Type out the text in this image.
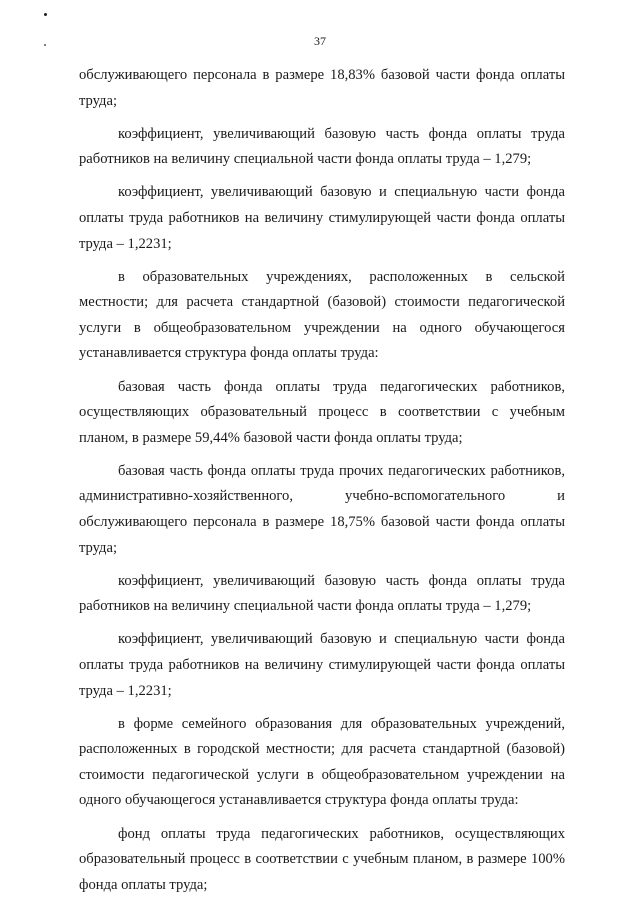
37

обслуживающего персонала в размере 18,83% базовой части фонда оплаты труда;

коэффициент, увеличивающий базовую часть фонда оплаты труда работников на величину специальной части фонда оплаты труда – 1,279;

коэффициент, увеличивающий базовую и специальную части фонда оплаты труда работников на величину стимулирующей части фонда оплаты труда – 1,2231;

в образовательных учреждениях, расположенных в сельской местности; для расчета стандартной (базовой) стоимости педагогической услуги в общеобразовательном учреждении на одного обучающегося устанавливается структура фонда оплаты труда:

базовая часть фонда оплаты труда педагогических работников, осуществляющих образовательный процесс в соответствии с учебным планом, в размере 59,44% базовой части фонда оплаты труда;

базовая часть фонда оплаты труда прочих педагогических работников, административно-хозяйственного, учебно-вспомогательного и обслуживающего персонала в размере 18,75% базовой части фонда оплаты труда;

коэффициент, увеличивающий базовую часть фонда оплаты труда работников на величину специальной части фонда оплаты труда – 1,279;

коэффициент, увеличивающий базовую и специальную части фонда оплаты труда работников на величину стимулирующей части фонда оплаты труда – 1,2231;

в форме семейного образования для образовательных учреждений, расположенных в городской местности; для расчета стандартной (базовой) стоимости педагогической услуги в общеобразовательном учреждении на одного обучающегося устанавливается структура фонда оплаты труда:

фонд оплаты труда педагогических работников, осуществляющих образовательный процесс в соответствии с учебным планом, в размере 100% фонда оплаты труда;
